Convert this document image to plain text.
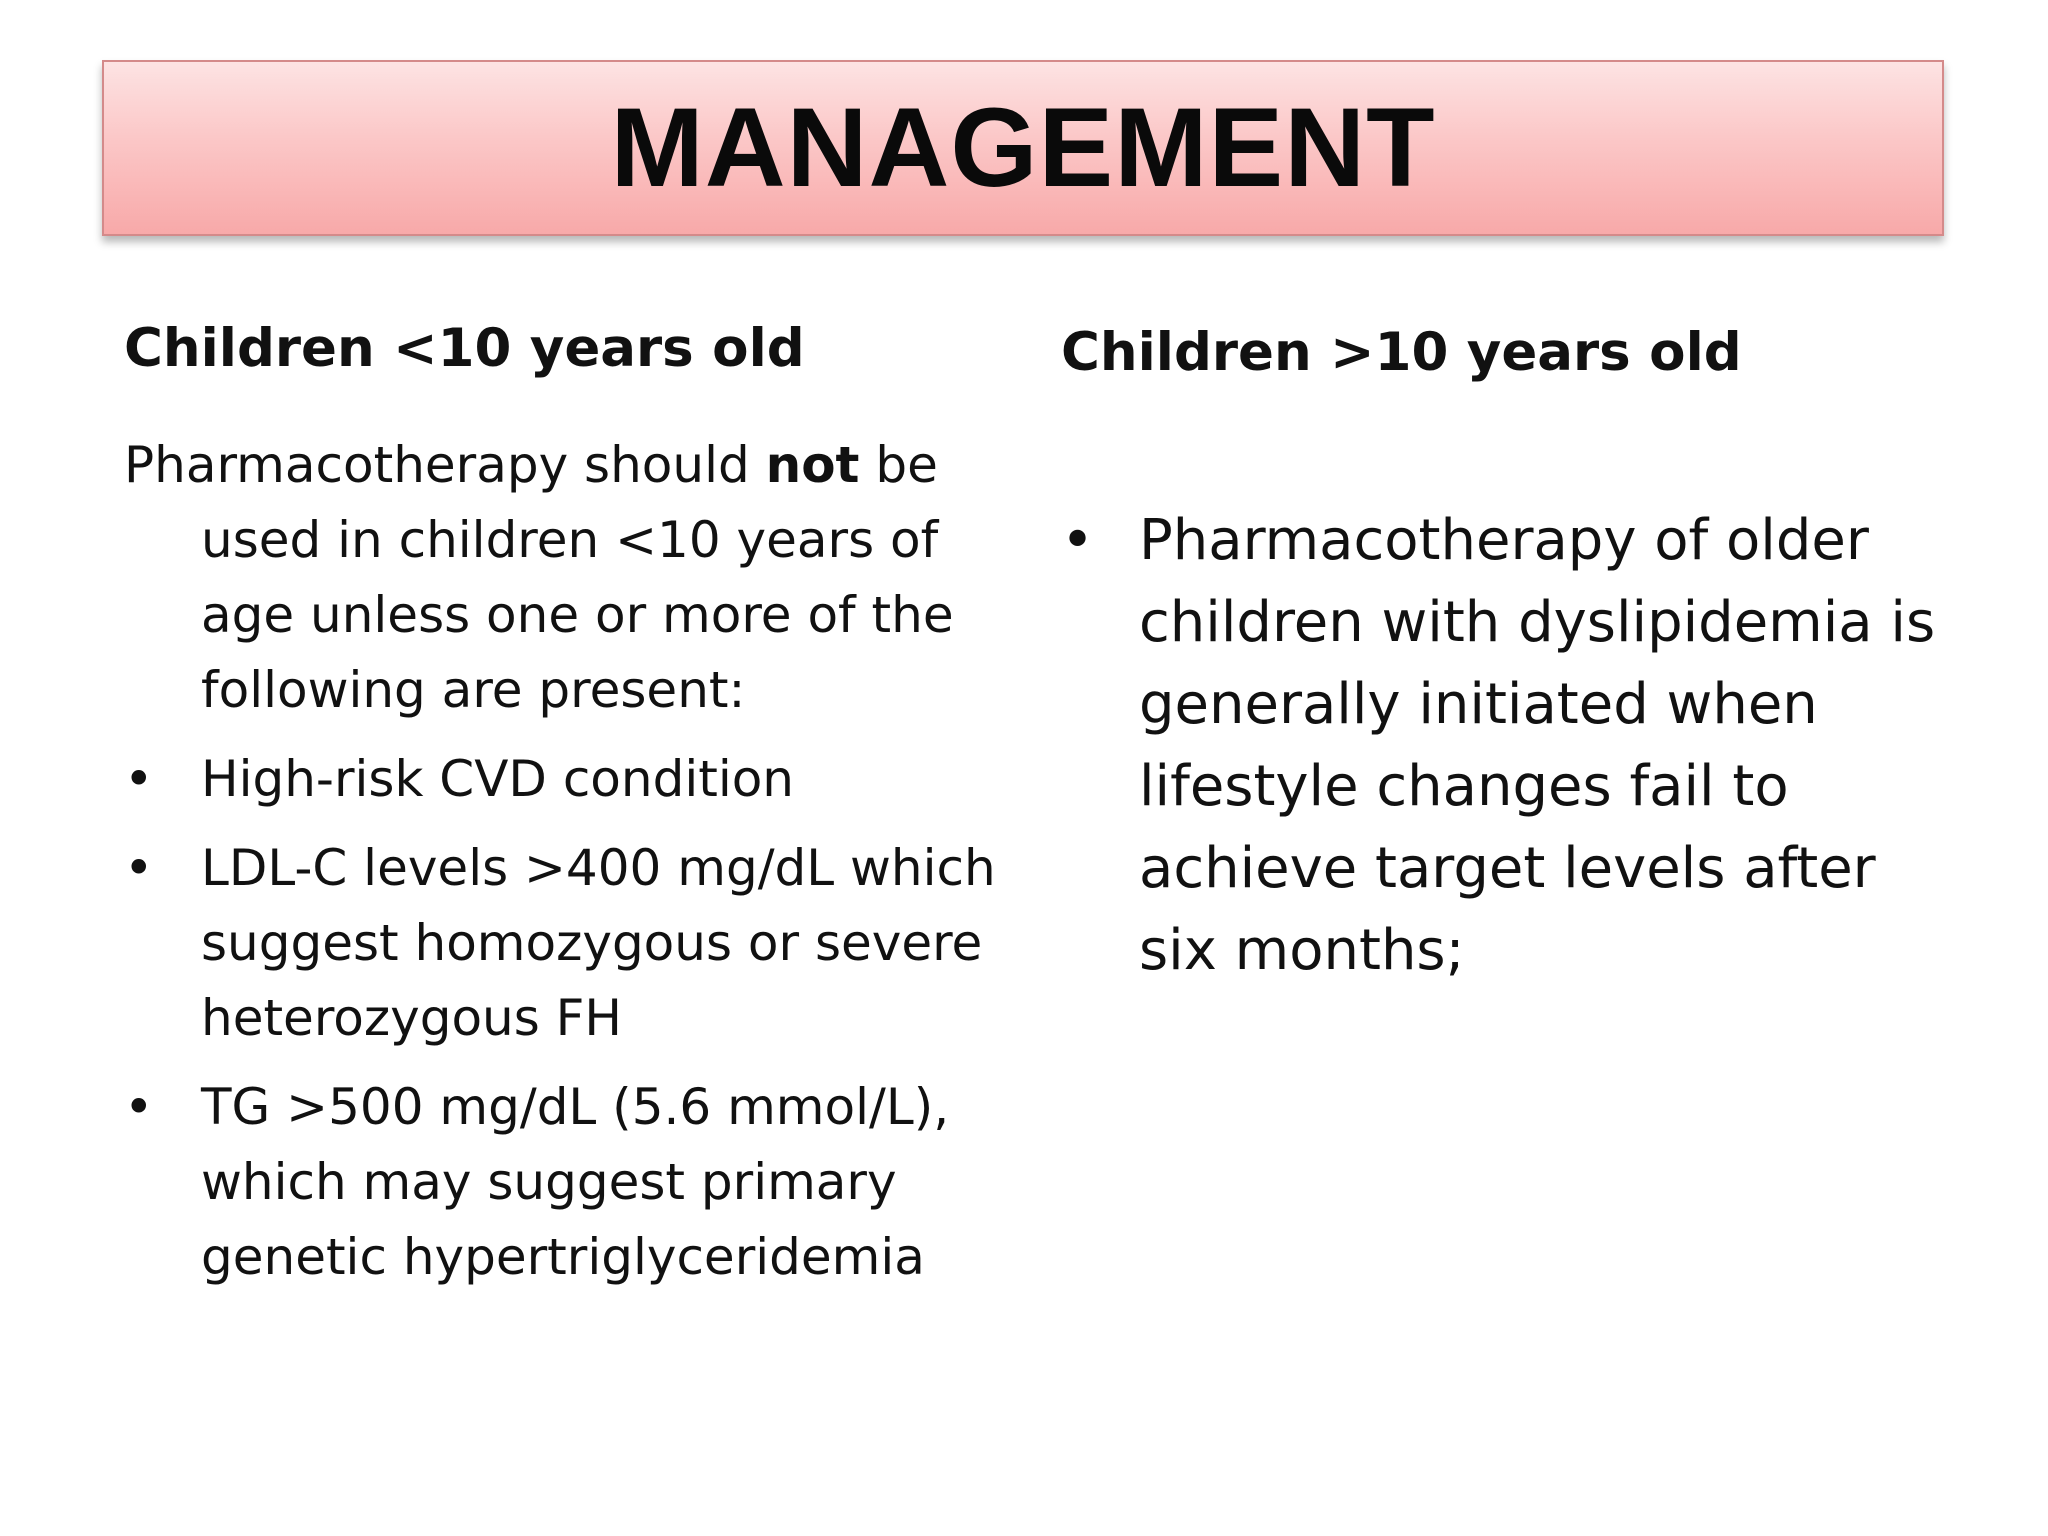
MANAGEMENT
Children <10 years old

Pharmacotherapy should not be used in children <10 years of age unless one or more of the following are present:

• High-risk CVD condition
• LDL-C levels >400 mg/dL which suggest homozygous or severe heterozygous FH
• TG >500 mg/dL (5.6 mmol/L), which may suggest primary genetic hypertriglyceridemia
Children >10 years old
• Pharmacotherapy of older children with dyslipidemia is generally initiated when lifestyle changes fail to achieve target levels after six months;
